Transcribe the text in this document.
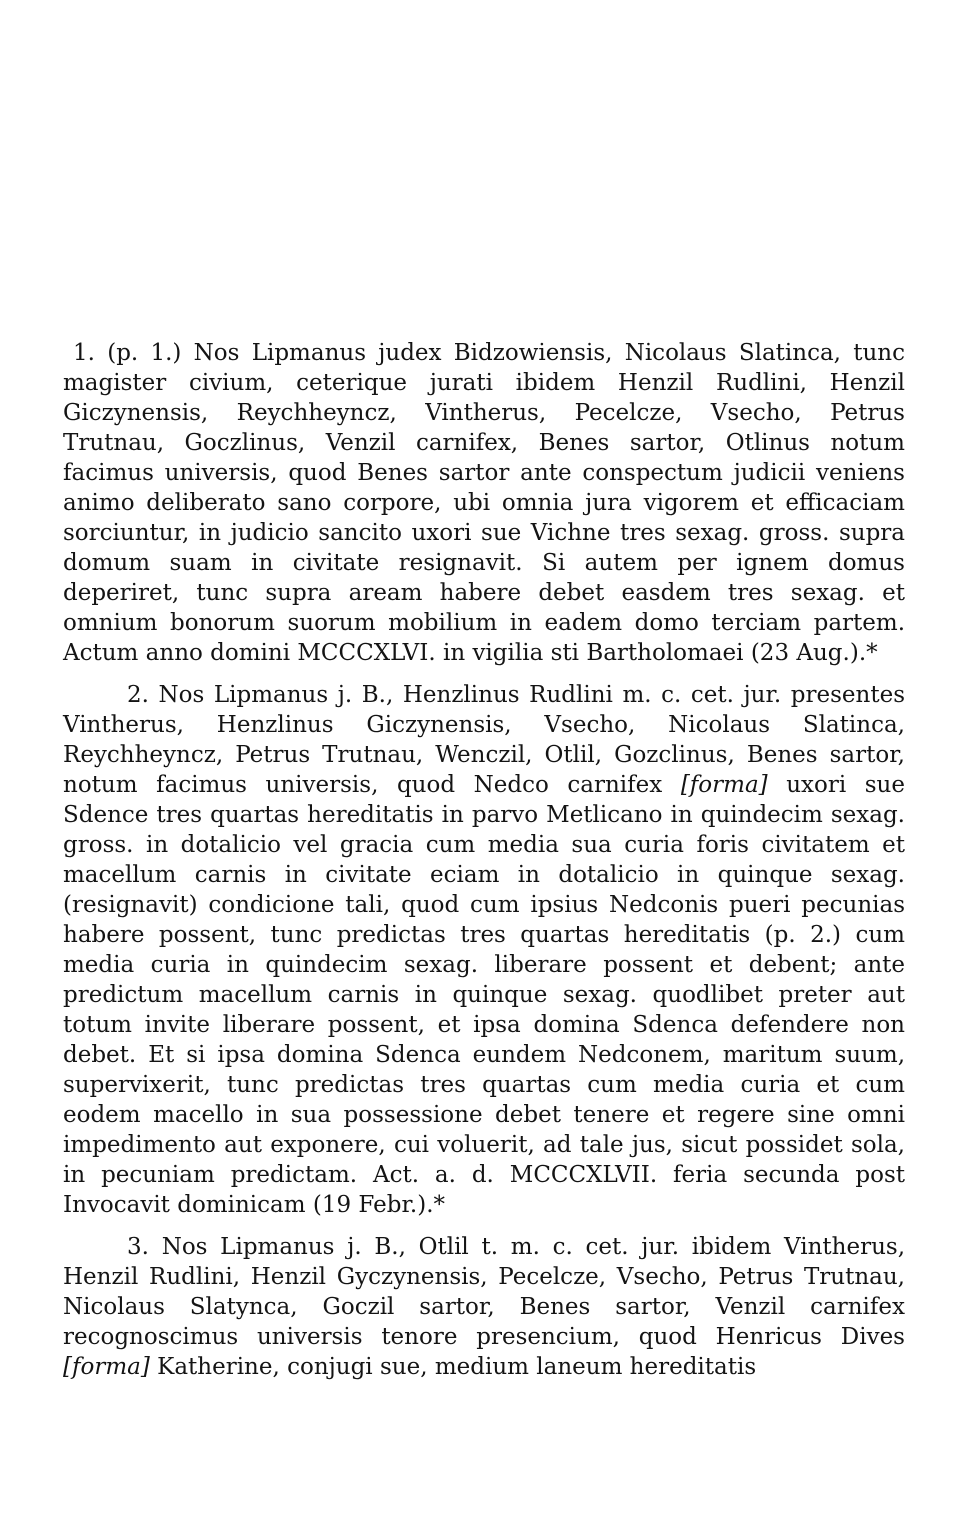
1. (p. 1.) Nos Lipmanus judex Bidzowiensis, Nicolaus Slatinca, tunc magister civium, ceterique jurati ibidem Henzil Rudlini, Henzil Giczynensis, Reychheyncz, Vintherus, Pecelcze, Vsecho, Petrus Trutnau, Goczlinus, Venzil carnifex, Benes sartor, Otlinus notum facimus universis, quod Benes sartor ante conspectum judicii veniens animo deliberato sano corpore, ubi omnia jura vigorem et efficaciam sorciuntur, in judicio sancito uxori sue Vichne tres sexag. gross. supra domum suam in civitate resignavit. Si autem per ignem domus deperiret, tunc supra aream habere debet easdem tres sexag. et omnium bonorum suorum mobilium in eadem domo terciam partem. Actum anno domini MCCCXLVI. in vigilia sti Bartholomaei (23 Aug.).*

2. Nos Lipmanus j. B., Henzlinus Rudlini m. c. cet. jur. presentes Vintherus, Henzlinus Giczynensis, Vsecho, Nicolaus Slatinca, Reychheyncz, Petrus Trutnau, Wenczil, Otlil, Gozclinus, Benes sartor, notum facimus universis, quod Nedco carnifex [forma] uxori sue Sdence tres quartas hereditatis in parvo Metlicano in quindecim sexag. gross. in dotalicio vel gracia cum media sua curia foris civitatem et macellum carnis in civitate eciam in dotalicio in quinque sexag. (resignavit) condicione tali, quod cum ipsius Nedconis pueri pecunias habere possent, tunc predictas tres quartas hereditatis (p. 2.) cum media curia in quindecim sexag. liberare possent et debent; ante predictum macellum carnis in quinque sexag. quodlibet preter aut totum invite liberare possent, et ipsa domina Sdenca defendere non debet. Et si ipsa domina Sdenca eundem Nedconem, maritum suum, supervixerit, tunc predictas tres quartas cum media curia et cum eodem macello in sua possessione debet tenere et regere sine omni impedimento aut exponere, cui voluerit, ad tale jus, sicut possidet sola, in pecuniam predictam. Act. a. d. MCCCXLVII. feria secunda post Invocavit dominicam (19 Febr.).*

3. Nos Lipmanus j. B., Otlil t. m. c. cet. jur. ibidem Vintherus, Henzil Rudlini, Henzil Gyczynensis, Pecelcze, Vsecho, Petrus Trutnau, Nicolaus Slatynca, Goczil sartor, Benes sartor, Venzil carnifex recognoscimus universis tenore presencium, quod Henricus Dives [forma] Katherine, conjugi sue, medium laneum hereditatis
